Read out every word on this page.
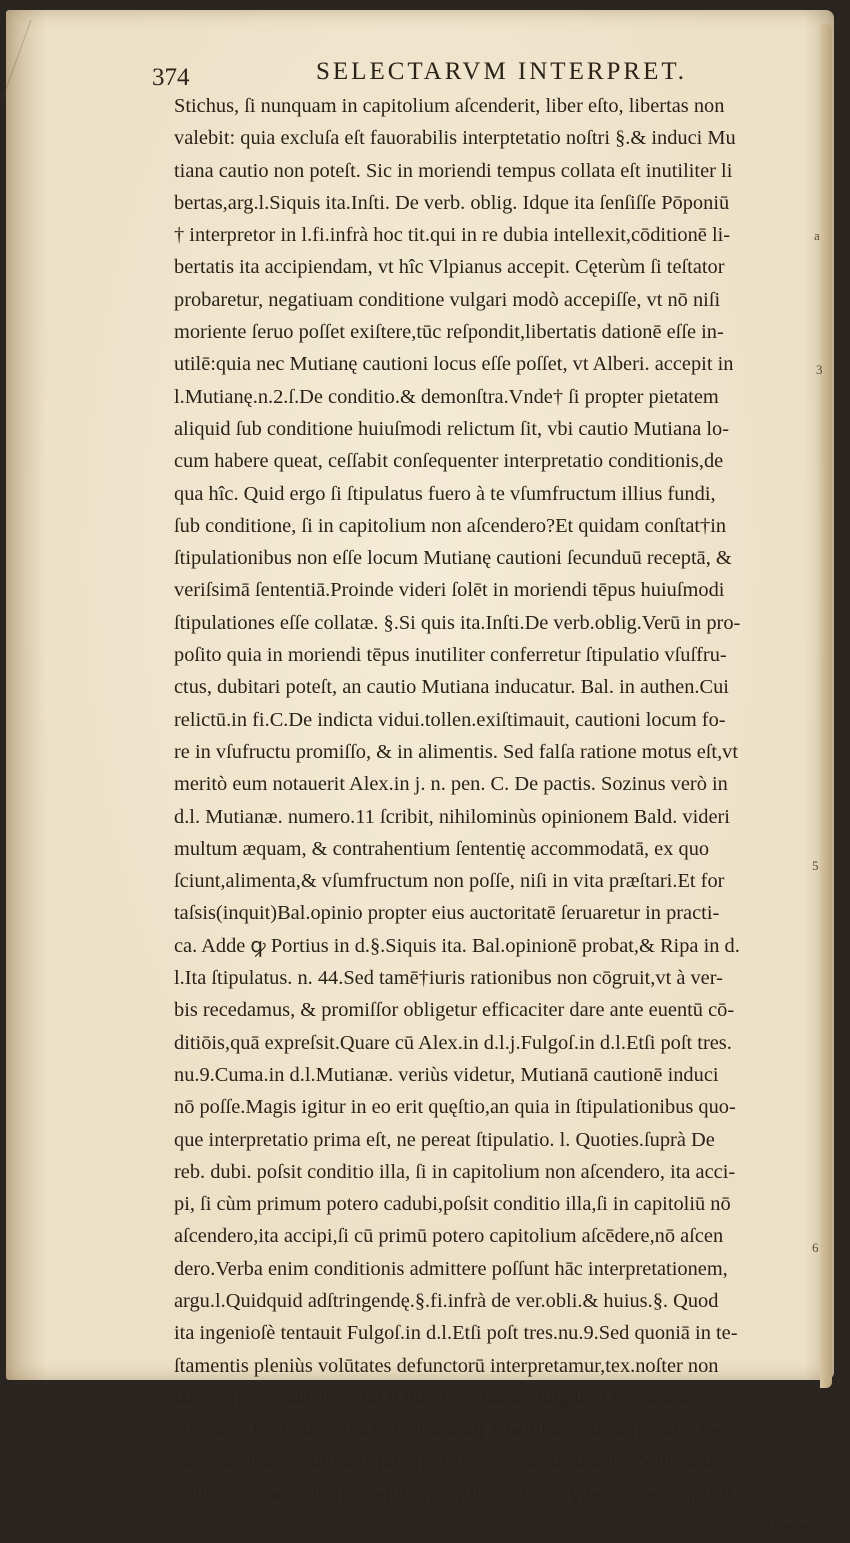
374	SELECTARVM INTERPRET.
Stichus, ſi nunquam in capitolium aſcenderit, liber eſto, libertas non
valebit: quia excluſa eſt fauorabilis interptetatio noſtri §.& induci Mu
tiana cautio non poteſt. Sic in moriendi tempus collata eſt inutiliter li
bertas,arg.l.Siquis ita.Inſti. De verb. oblig. Idque ita ſenſiſſe Pōponiū
† interpretor in l.fi.infrà hoc tit.qui in re dubia intellexit,cōditionē li-
bertatis ita accipiendam, vt hîc Vlpianus accepit. Cęterùm ſi teſtator
probaretur, negatiuam conditione vulgari modò accepiſſe, vt nō niſi
moriente ſeruo poſſet exiſtere,tūc reſpondit,libertatis dationē eſſe in-
utilē:quia nec Mutianę cautioni locus eſſe poſſet, vt Alberi. accepit in
l.Mutianę.n.2.ſ.De conditio.& demonſtra.Vnde† ſi propter pietatem
aliquid ſub conditione huiuſmodi relictum ſit, vbi cautio Mutiana lo-
cum habere queat, ceſſabit conſequenter interpretatio conditionis,de
qua hîc. Quid ergo ſi ſtipulatus fuero à te vſumfructum illius fundi,
ſub conditione, ſi in capitolium non aſcendero?Et quidam conſtat†in
ſtipulationibus non eſſe locum Mutianę cautioni ſecunduū receptā, &
veriſsimā ſententiā.Proinde videri ſolēt in moriendi tēpus huiuſmodi
ſtipulationes eſſe collatæ. §.Si quis ita.Inſti.De verb.oblig.Verū in pro-
poſito quia in moriendi tēpus inutiliter conferretur ſtipulatio vſuſfru-
ctus, dubitari poteſt, an cautio Mutiana inducatur. Bal. in authen.Cui
relictū.in fi.C.De indicta vidui.tollen.exiſtimauit, cautioni locum fo-
re in vſufructu promiſſo, & in alimentis. Sed falſa ratione motus eſt,vt
meritò eum notauerit Alex.in j. n. pen. C. De pactis. Sozinus verò in
d.l. Mutianæ. numero.11 ſcribit, nihilominùs opinionem Bald. videri
multum æquam, & contrahentium ſententię accommodatā, ex quo
ſciunt,alimenta,& vſumfructum non poſſe, niſi in vita præſtari.Et for
taſsis(inquit)Bal.opinio propter eius auctoritatē ſeruaretur in practi-
ca. Adde ꝙ Portius in d.§.Siquis ita. Bal.opinionē probat,& Ripa in d.
l.Ita ſtipulatus. n. 44.Sed tamē†iuris rationibus non cōgruit,vt à ver-
bis recedamus, & promiſſor obligetur efficaciter dare ante euentū cō-
ditiōis,quā expreſsit.Quare cū Alex.in d.l.j.Fulgoſ.in d.l.Etſi poſt tres.
nu.9.Cuma.in d.l.Mutianæ. veriùs videtur, Mutianā cautionē induci
nō poſſe.Magis igitur in eo erit quęſtio,an quia in ſtipulationibus quo-
que interpretatio prima eſt, ne pereat ſtipulatio. l. Quoties.ſuprà De
reb. dubi. poſsit conditio illa, ſi in capitolium non aſcendero, ita acci-
pi, ſi cùm primum potero cadubi,poſsit conditio illa,ſi in capitoliū nō
aſcendero,ita accipi,ſi cū primū potero capitolium aſcēdere,nō aſcen
dero.Verba enim conditionis admittere poſſunt hāc interpretationem,
argu.l.Quidquid adſtringendę.§.fi.infrà de ver.obli.& huius.§. Quod
ita ingenioſè tentauit Fulgoſ.in d.l.Etſi poſt tres.nu.9.Sed quoniā in te-
ſtamentis pleniùs volūtates defunctorū interpretamur,tex.noſter non
ſatis fortiter inducitur,etiā ſi libertatis fauore ſingulari non moueatur
Vlpianus.Certè in cōtractu matrimonij † belliſsimè tentari poſſet,fa-
ciendam hanc cōditionis interpretationē:ne matrimoniū cōditionale
nullius momenti ſit,ſi conditio non niſi in vltimo vitę momento poſsit
exiſtere.
a
3
5
6
